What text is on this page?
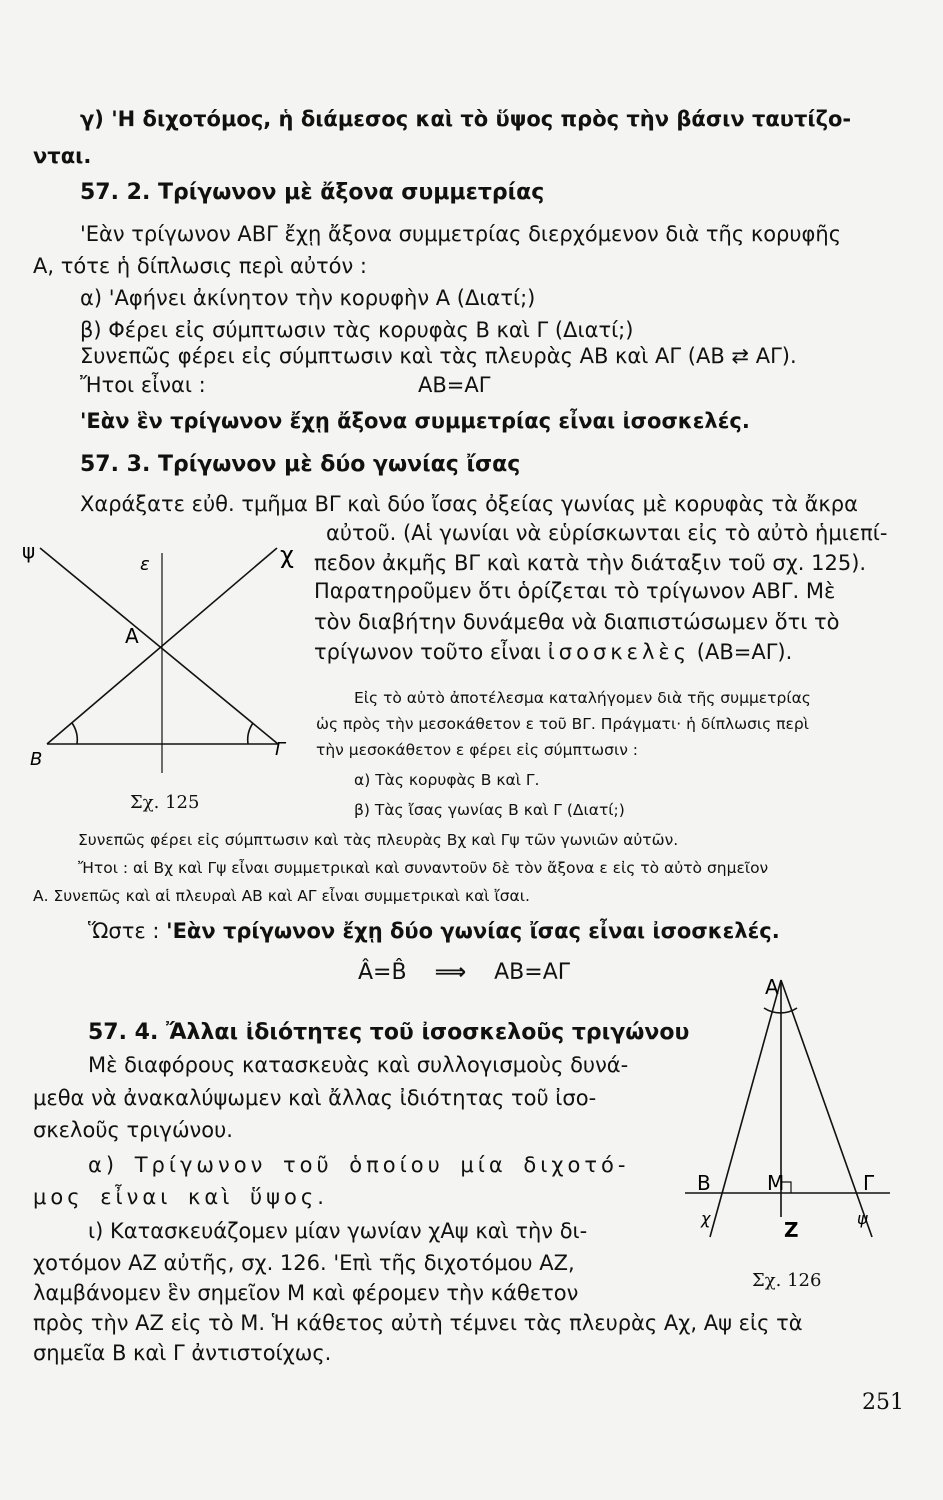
γ) 'Η διχοτόμος, ἡ διάμεσος καὶ τὸ ὕψος πρὸς τὴν βάσιν ταυτίζο-
νται.
57. 2. Τρίγωνον μὲ ἄξονα συμμετρίας
'Εὰν τρίγωνον ΑΒΓ ἔχῃ ἄξονα συμμετρίας διερχόμενον διὰ τῆς κορυφῆς
Α, τότε ἡ δίπλωσις περὶ αὐτόν :
α) 'Αφήνει ἀκίνητον τὴν κορυφὴν Α (Διατί;)
β) Φέρει εἰς σύμπτωσιν τὰς κορυφὰς Β καὶ Γ (Διατί;)
Συνεπῶς φέρει εἰς σύμπτωσιν καὶ τὰς πλευρὰς ΑΒ καὶ ΑΓ (ΑΒ ⇄ ΑΓ).
Ἤτοι εἶναι :	ΑΒ=ΑΓ
'Εὰν ἓν τρίγωνον ἔχῃ ἄξονα συμμετρίας εἶναι ἰσοσκελές.
57. 3. Τρίγωνον μὲ δύο γωνίας ἴσας
Χαράξατε εὐθ. τμῆμα ΒΓ καὶ δύο ἴσας ὀξείας γωνίας μὲ κορυφὰς τὰ ἄκρα
αὐτοῦ. (Αἱ γωνίαι νὰ εὑρίσκωνται εἰς τὸ αὐτὸ ἡμιεπί-
πεδον ἀκμῆς ΒΓ καὶ κατὰ τὴν διάταξιν τοῦ σχ. 125).
Παρατηροῦμεν ὅτι ὁρίζεται τὸ τρίγωνον ΑΒΓ. Μὲ
τὸν διαβήτην δυνάμεθα νὰ διαπιστώσωμεν ὅτι τὸ
τρίγωνον τοῦτο εἶναι ἰσοσκελὲς (ΑΒ=ΑΓ).
Εἰς τὸ αὐτὸ ἀποτέλεσμα καταλήγομεν διὰ τῆς συμμετρίας
ὡς πρὸς τὴν μεσοκάθετον ε τοῦ ΒΓ. Πράγματι· ἡ δίπλωσις περὶ
τὴν μεσοκάθετον ε φέρει εἰς σύμπτωσιν :
α) Τὰς κορυφὰς Β καὶ Γ.
β) Τὰς ἴσας γωνίας Β καὶ Γ (Διατί;)
Συνεπῶς φέρει εἰς σύμπτωσιν καὶ τὰς πλευρὰς Βχ καὶ Γψ τῶν γωνιῶν αὐτῶν.
Ἤτοι : αἱ Βχ καὶ Γψ εἶναι συμμετρικαὶ καὶ συναντοῦν δὲ τὸν ἄξονα ε εἰς τὸ αὐτὸ σημεῖον
Α. Συνεπῶς καὶ αἱ πλευραὶ ΑΒ καὶ ΑΓ εἶναι συμμετρικαὶ καὶ ἴσαι.
Ὥστε : 'Εὰν τρίγωνον ἔχῃ δύο γωνίας ἴσας εἶναι ἰσοσκελές.
Â=B̂ ⟹ ΑΒ=ΑΓ
57. 4. Ἄλλαι ἰδιότητες τοῦ ἰσοσκελοῦς τριγώνου
Μὲ διαφόρους κατασκευὰς καὶ συλλογισμοὺς δυνά-
μεθα νὰ ἀνακαλύψωμεν καὶ ἄλλας ἰδιότητας τοῦ ἰσο-
σκελοῦς τριγώνου.
α) Τρίγωνον τοῦ ὁποίου μία διχοτό-
μος εἶναι καὶ ὕψος.
ι) Κατασκευάζομεν μίαν γωνίαν χΑψ καὶ τὴν δι-
χοτόμον ΑΖ αὐτῆς, σχ. 126. 'Επὶ τῆς διχοτόμου ΑΖ,
λαμβάνομεν ἓν σημεῖον Μ καὶ φέρομεν τὴν κάθετον
πρὸς τὴν ΑΖ εἰς τὸ Μ. Ἡ κάθετος αὐτὴ τέμνει τὰς πλευρὰς Αχ, Αψ εἰς τὰ
σημεῖα Β καὶ Γ ἀντιστοίχως.
ψ	χ
ε
Α
Β	Γ
Σχ. 125
Α
Β	Μ	Γ
Ζ
χ	ψ
Σχ. 126
251
